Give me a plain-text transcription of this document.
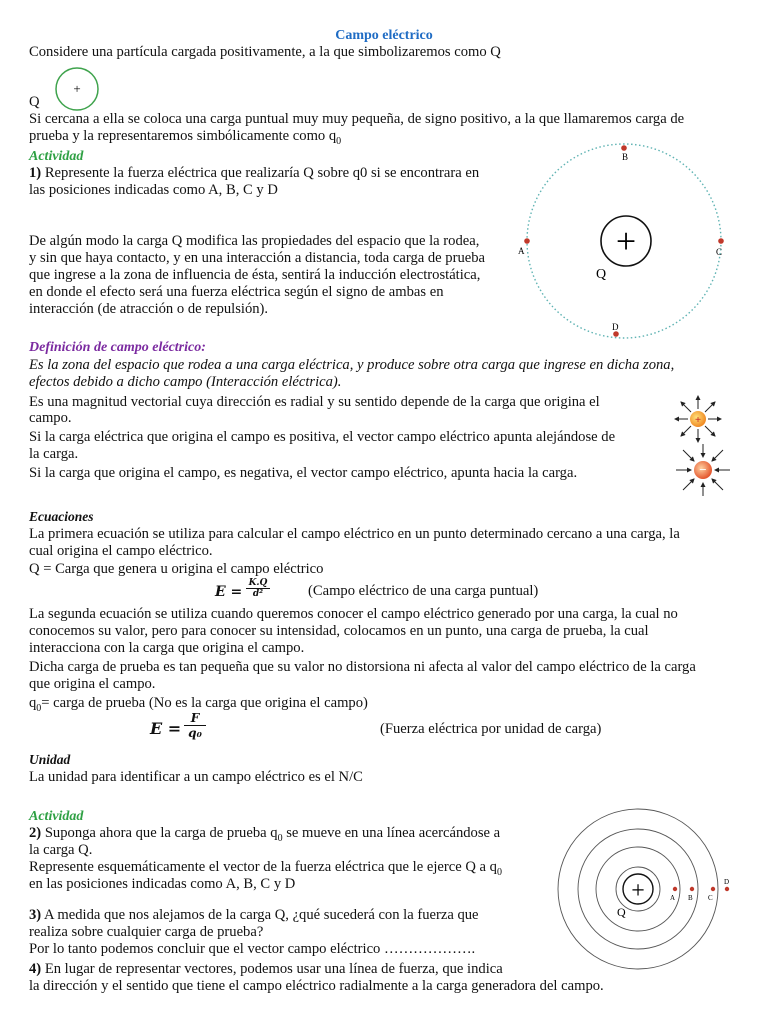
Campo eléctrico
Considere una partícula cargada positivamente, a la que simbolizaremos como Q
Q
+
Si cercana a ella se coloca una carga puntual muy muy pequeña, de signo positivo, a la que llamaremos carga de
prueba y la representaremos simbólicamente como $q_0$
Actividad
1) Represente la fuerza eléctrica que realizaría Q sobre q0 si se encontrara en
las posiciones indicadas como A, B, C y D
De algún modo la carga Q modifica las propiedades del espacio que la rodea,
y sin que haya contacto, y en una interacción a distancia, toda carga de prueba
que ingrese a la zona de influencia de ésta, sentirá la inducción electrostática,
en donde el efecto será una fuerza eléctrica según el signo de ambas en
interacción (de atracción o de repulsión).
B
A	C
D
+
Q
Definición de campo eléctrico:
Es la zona del espacio que rodea a una carga eléctrica, y produce sobre otra carga que ingrese en dicha zona,
efectos debido a dicho campo (Interacción eléctrica).
Es una magnitud vectorial cuya dirección es radial y su sentido depende de la carga que origina el
campo.
Si la carga eléctrica que origina el campo es positiva, el vector campo eléctrico apunta alejándose de
la carga.
Si la carga que origina el campo, es negativa, el vector campo eléctrico, apunta hacia la carga.
+
−
Ecuaciones
La primera ecuación se utiliza para calcular el campo eléctrico en un punto determinado cercano a una carga, la
cual origina el campo eléctrico.
Q = Carga que genera u origina el campo eléctrico
$E = \frac{K.Q}{\text{d²}}$	(Campo eléctrico de una carga puntual)
La segunda ecuación se utiliza cuando queremos conocer el campo eléctrico generado por una carga, la cual no
conocemos su valor, pero para conocer su intensidad, colocamos en un punto, una carga de prueba, la cual
interacciona con la carga que origina el campo.
Dicha carga de prueba es tan pequeña que su valor no distorsiona ni afecta al valor del campo eléctrico de la carga
que origina el campo.
$q_0=$ carga de prueba (No es la carga que origina el campo)
$E = \frac{F}{\text{q₀}}$	(Fuerza eléctrica por unidad de carga)
Unidad
La unidad para identificar a un campo eléctrico es el N/C
Actividad
2) Suponga ahora que la carga de prueba $q_0$ se mueve en una línea acercándose a
la carga Q.
Represente esquemáticamente el vector de la fuerza eléctrica que le ejerce Q a $q_0$
en las posiciones indicadas como A, B, C y D
3) A medida que nos alejamos de la carga Q, ¿qué sucederá con la fuerza que
realiza sobre cualquier carga de prueba?
Por lo tanto podemos concluir que el vector campo eléctrico ……………….
4) En lugar de representar vectores, podemos usar una línea de fuerza, que indica
la dirección y el sentido que tiene el campo eléctrico radialmente a la carga generadora del campo.
+
Q
A B C
D
